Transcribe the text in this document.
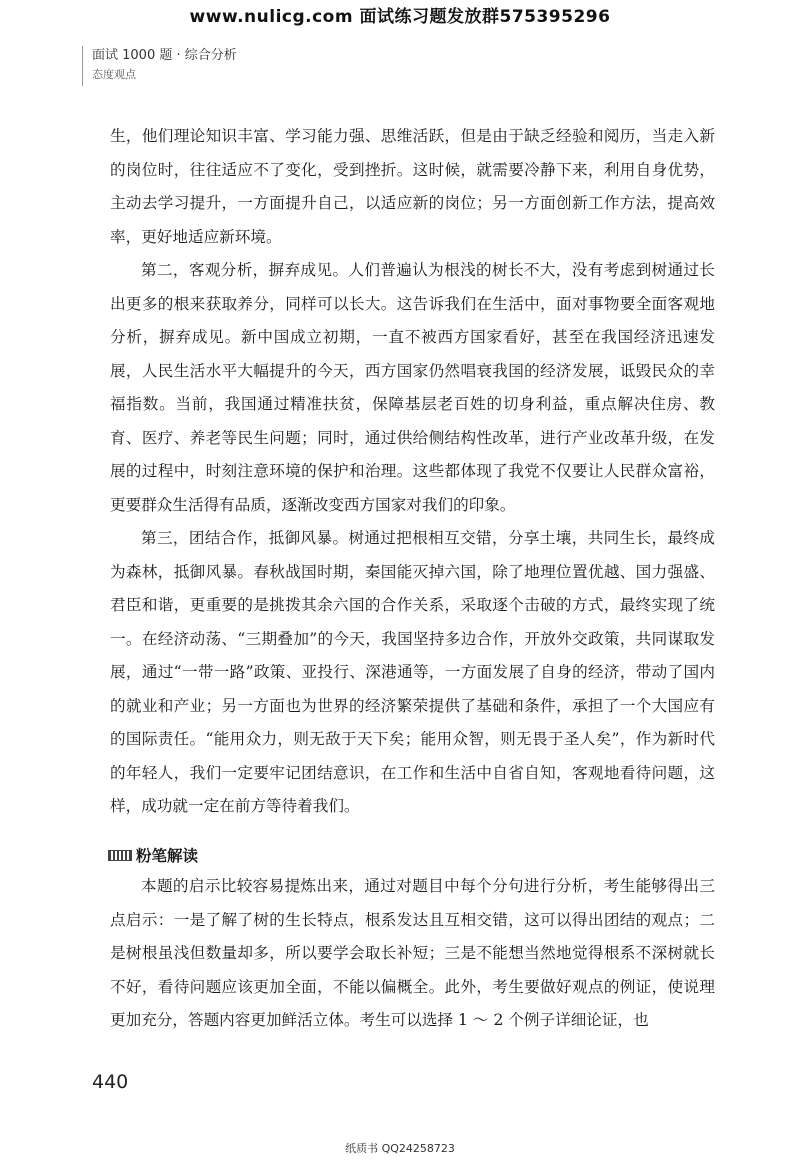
www.nulicg.com 面试练习题发放群575395296
面试 1000 题 · 综合分析
态度观点

生，他们理论知识丰富、学习能力强、思维活跃，但是由于缺乏经验和阅历，当走入新的岗位时，往往适应不了变化，受到挫折。这时候，就需要冷静下来，利用自身优势，主动去学习提升，一方面提升自己，以适应新的岗位；另一方面创新工作方法，提高效率，更好地适应新环境。

第二，客观分析，摒弃成见。人们普遍认为根浅的树长不大，没有考虑到树通过长出更多的根来获取养分，同样可以长大。这告诉我们在生活中，面对事物要全面客观地分析，摒弃成见。新中国成立初期，一直不被西方国家看好，甚至在我国经济迅速发展，人民生活水平大幅提升的今天，西方国家仍然唱衰我国的经济发展，诋毁民众的幸福指数。当前，我国通过精准扶贫，保障基层老百姓的切身利益，重点解决住房、教育、医疗、养老等民生问题；同时，通过供给侧结构性改革，进行产业改革升级，在发展的过程中，时刻注意环境的保护和治理。这些都体现了我党不仅要让人民群众富裕，更要群众生活得有品质，逐渐改变西方国家对我们的印象。

第三，团结合作，抵御风暴。树通过把根相互交错，分享土壤，共同生长，最终成为森林，抵御风暴。春秋战国时期，秦国能灭掉六国，除了地理位置优越、国力强盛、君臣和谐，更重要的是挑拨其余六国的合作关系，采取逐个击破的方式，最终实现了统一。在经济动荡、“三期叠加”的今天，我国坚持多边合作，开放外交政策，共同谋取发展，通过“一带一路”政策、亚投行、深港通等，一方面发展了自身的经济，带动了国内的就业和产业；另一方面也为世界的经济繁荣提供了基础和条件，承担了一个大国应有的国际责任。“能用众力，则无敌于天下矣；能用众智，则无畏于圣人矣”，作为新时代的年轻人，我们一定要牢记团结意识，在工作和生活中自省自知，客观地看待问题，这样，成功就一定在前方等待着我们。

粉笔解读

本题的启示比较容易提炼出来，通过对题目中每个分句进行分析，考生能够得出三点启示：一是了解了树的生长特点，根系发达且互相交错，这可以得出团结的观点；二是树根虽浅但数量却多，所以要学会取长补短；三是不能想当然地觉得根系不深树就长不好，看待问题应该更加全面，不能以偏概全。此外，考生要做好观点的例证，使说理更加充分，答题内容更加鲜活立体。考生可以选择 1 ～ 2 个例子详细论证，也

440
纸质书 QQ24258723
